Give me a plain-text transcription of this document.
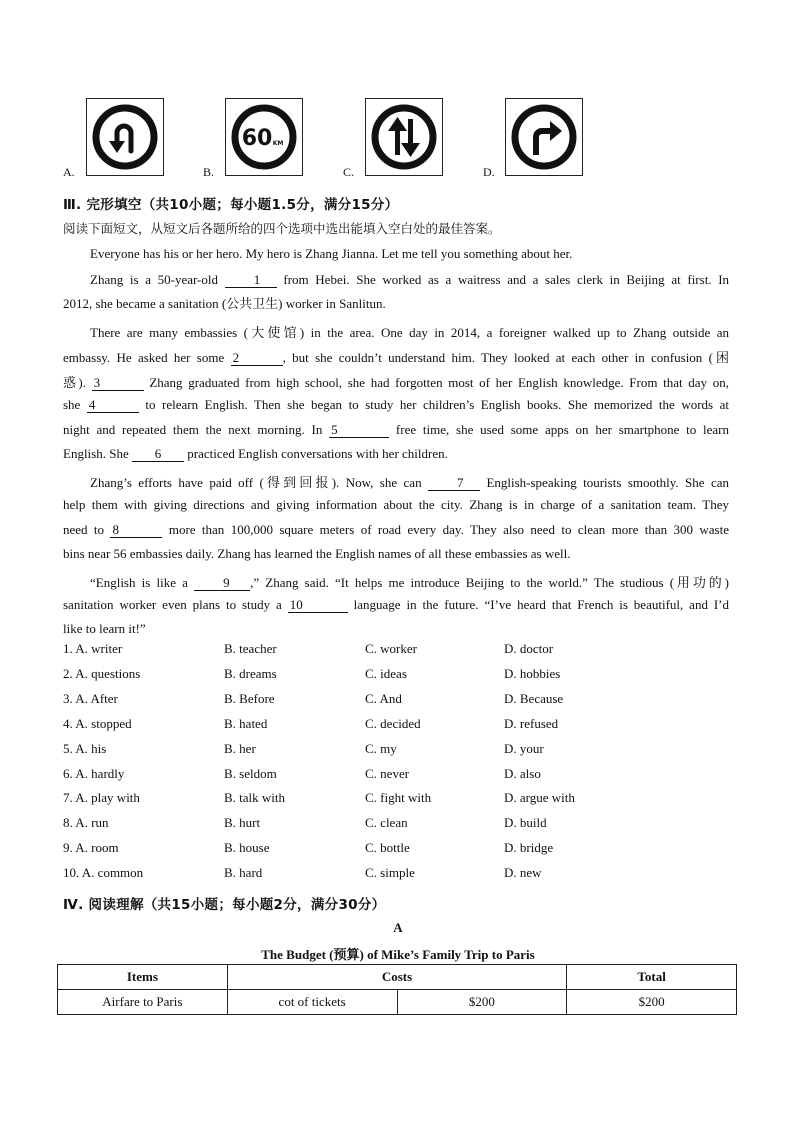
A.	B.
60 KM
C.	D.
Ⅲ. 完形填空（共10小题；每小题1.5分，满分15分）
阅读下面短文，从短文后各题所给的四个选项中选出能填入空白处的最佳答案。
Everyone has his or her hero. My hero is Zhang Jianna. Let me tell you something about her.
Zhang is a 50-year-old	1 from Hebei. She worked as a waitress and a sales clerk in Beijing at first. In
2012, she became a sanitation (公共卫生) worker in Sanlitun.
There are many embassies (大使馆) in the area. One day in 2014, a foreigner walked up to Zhang outside an
embassy. He asked her some 2	, but she couldn’t understand him. They looked at each other in confusion (困
惑). 3	Zhang graduated from high school, she had forgotten most of her English knowledge. From that day on,
she 4	to relearn English. Then she began to study her children’s English books. She memorized the words at
night and repeated them the next morning. In 5	free time, she used some apps on her smartphone to learn
English. She 6 practiced English conversations with her children.
Zhang’s efforts have paid off (得到回报). Now, she can	7 English-speaking tourists smoothly. She can
help them with giving directions and giving information about the city. Zhang is in charge of a sanitation team. They
need to 8	more than 100,000 square meters of road every day. They also need to clean more than 300 waste
bins near 56 embassies daily. Zhang has learned the English names of all these embassies as well.
“English is like a	9 ,” Zhang said. “It helps me introduce Beijing to the world.” The studious (用功的)
sanitation worker even plans to study a 10	language in the future. “I’ve heard that French is beautiful, and I’d
like to learn it!”
1. A. writer	B. teacher	C. worker	D. doctor
2. A. questions	B. dreams	C. ideas	D. hobbies
3. A. After	B. Before	C. And	D. Because
4. A. stopped	B. hated	C. decided	D. refused
5. A. his	B. her	C. my	D. your
6. A. hardly	B. seldom	C. never	D. also
7. A. play with	B. talk with	C. fight with	D. argue with
8. A. run	B. hurt	C. clean	D. build
9. A. room	B. house	C. bottle	D. bridge
10. A. common	B. hard	C. simple	D. new
Ⅳ. 阅读理解（共15小题；每小题2分，满分30分）
A
The Budget (预算) of Mike’s Family Trip to Paris
Items	Costs		Total
Airfare to Paris	cot of tickets	$200	$200
